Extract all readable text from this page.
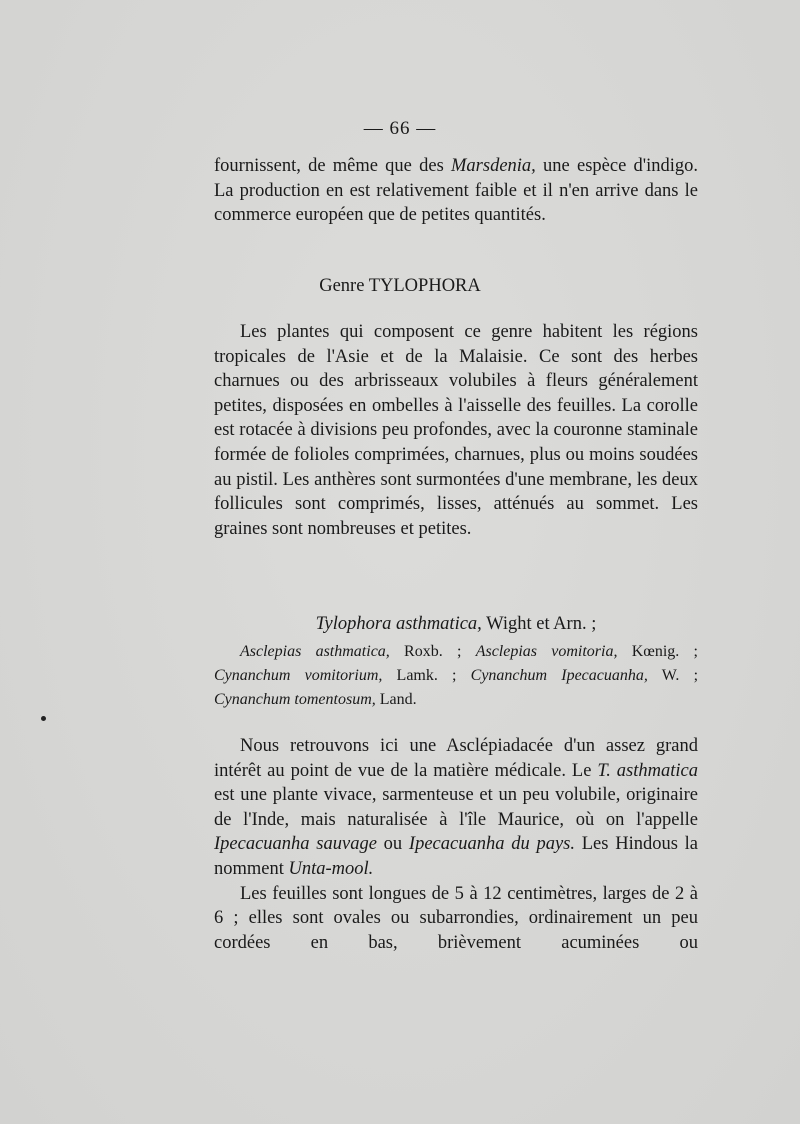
— 66 —

fournissent, de même que des Marsdenia, une espèce d'indigo. La production en est relativement faible et il n'en arrive dans le commerce européen que de petites quantités.

Genre TYLOPHORA

Les plantes qui composent ce genre habitent les régions tropicales de l'Asie et de la Malaisie. Ce sont des herbes charnues ou des arbrisseaux volubiles à fleurs généralement petites, disposées en ombelles à l'aisselle des feuilles. La corolle est rotacée à divisions peu profondes, avec la couronne staminale formée de folioles comprimées, charnues, plus ou moins soudées au pistil. Les anthères sont surmontées d'une membrane, les deux follicules sont comprimés, lisses, atténués au sommet. Les graines sont nombreuses et petites.

Tylophora asthmatica, Wight et Arn. ;

Asclepias asthmatica, Roxb. ; Asclepias vomitoria, Kœnig. ; Cynanchum vomitorium, Lamk. ; Cynanchum Ipecacuanha, W. ; Cynanchum tomentosum, Land.

Nous retrouvons ici une Asclépiadacée d'un assez grand intérêt au point de vue de la matière médicale. Le T. asthmatica est une plante vivace, sarmenteuse et un peu volubile, originaire de l'Inde, mais naturalisée à l'île Maurice, où on l'appelle Ipecacuanha sauvage ou Ipecacuanha du pays. Les Hindous la nomment Unta-mool.

Les feuilles sont longues de 5 à 12 centimètres, larges de 2 à 6 ; elles sont ovales ou subarrondies, ordinairement un peu cordées en bas, brièvement acuminées ou
